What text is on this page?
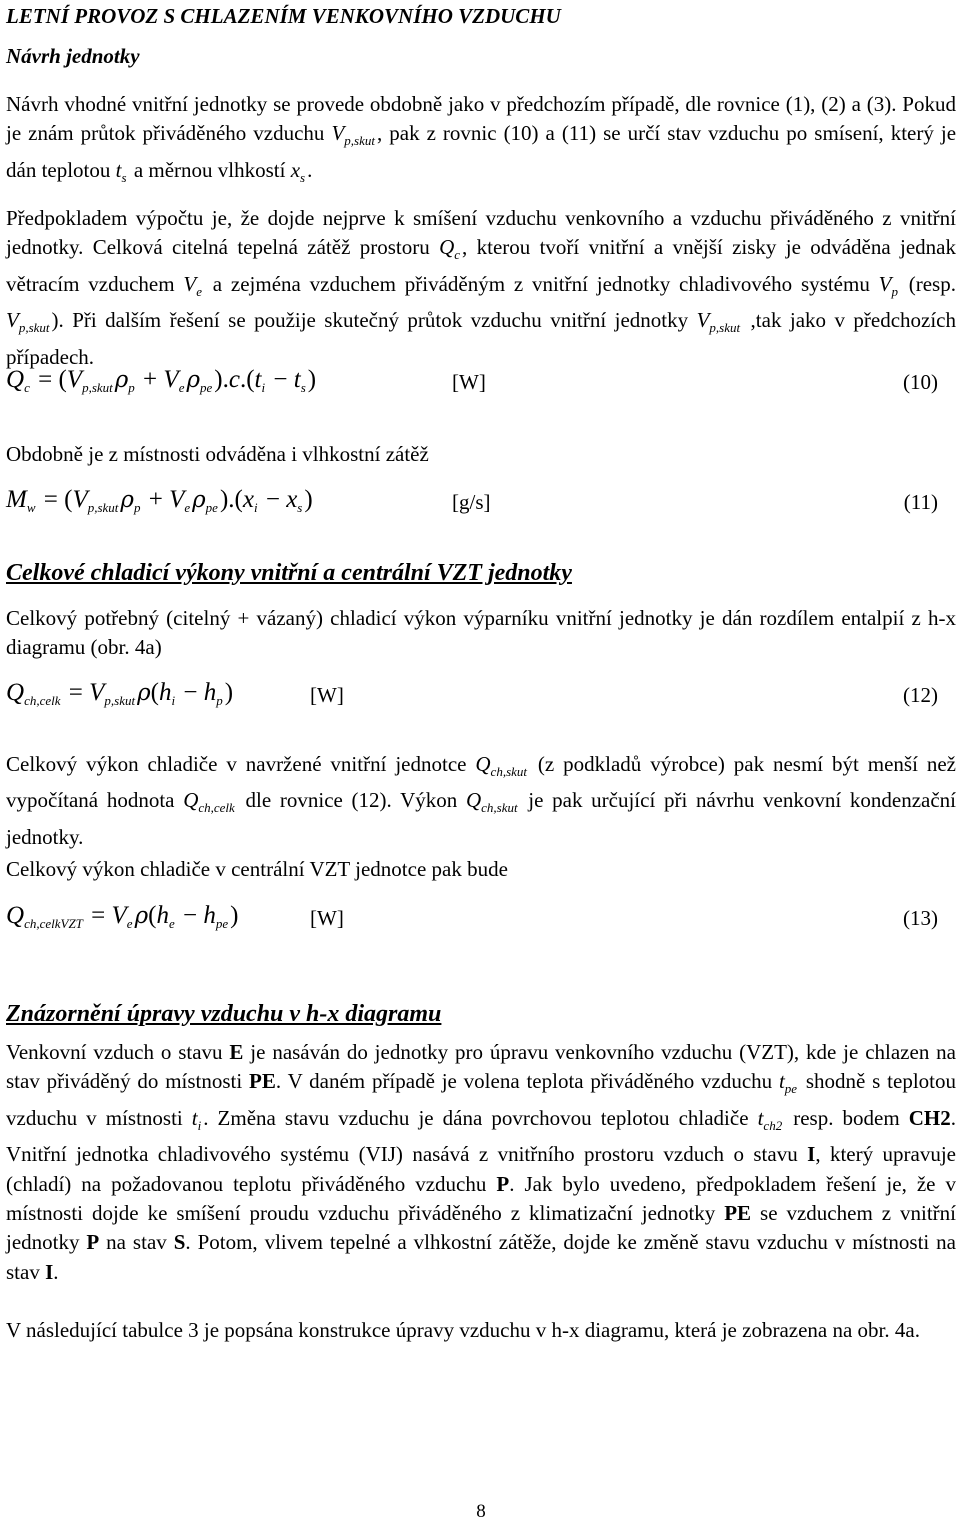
LETNÍ PROVOZ S CHLAZENÍM VENKOVNÍHO VZDUCHU
Návrh jednotky
Návrh vhodné vnitřní jednotky se provede obdobně jako v předchozím případě, dle rovnice (1), (2) a (3). Pokud je znám průtok přiváděného vzduchu $V_{p,skut}$, pak z rovnic (10) a (11) se určí stav vzduchu po smísení, který je dán teplotou $t_s$ a měrnou vlhkostí $x_s$.
Předpokladem výpočtu je, že dojde nejprve k smíšení vzduchu venkovního a vzduchu přiváděného z vnitřní jednotky. Celková citelná tepelná zátěž prostoru $Q_c$, kterou tvoří vnitřní a vnější zisky je odváděna jednak větracím vzduchem $V_e$ a zejména vzduchem přiváděným z vnitřní jednotky chladivového systému $V_p$ (resp. $V_{p,skut}$). Při dalším řešení se použije skutečný průtok vzduchu vnitřní jednotky $V_{p,skut}$ ,tak jako v předchozích případech.
$Q_c = (V_{p,skut}\rho_p + V_e\rho_{pe}).c.(t_i - t_s)$	[W]	(10)
Obdobně je z místnosti odváděna i vlhkostní zátěž
$M_w = (V_{p,skut}\rho_p + V_e\rho_{pe}).(x_i - x_s)$	[g/s]	(11)
Celkové chladicí výkony vnitřní a centrální VZT jednotky
Celkový potřebný (citelný + vázaný) chladicí výkon výparníku vnitřní jednotky je dán rozdílem entalpií z h-x diagramu (obr. 4a)
$Q_{ch,celk} = V_{p,skut}\rho(h_i - h_p)$	[W]	(12)
Celkový výkon chladiče v navržené vnitřní jednotce $Q_{ch,skut}$ (z podkladů výrobce) pak nesmí být menší než vypočítaná hodnota $Q_{ch,celk}$ dle rovnice (12). Výkon $Q_{ch,skut}$ je pak určující při návrhu venkovní kondenzační jednotky.
Celkový výkon chladiče v centrální VZT jednotce pak bude
$Q_{ch,celkVZT} = V_e\rho(h_e - h_{pe})$	[W]	(13)
Znázornění úpravy vzduchu v h-x diagramu
Venkovní vzduch o stavu E je nasáván do jednotky pro úpravu venkovního vzduchu (VZT), kde je chlazen na stav přiváděný do místnosti PE. V daném případě je volena teplota přiváděného vzduchu $t_{pe}$ shodně s teplotou vzduchu v místnosti $t_i$. Změna stavu vzduchu je dána povrchovou teplotou chladiče $t_{ch2}$ resp. bodem CH2. Vnitřní jednotka chladivového systému (VIJ) nasává z vnitřního prostoru vzduch o stavu I, který upravuje (chladí) na požadovanou teplotu přiváděného vzduchu P. Jak bylo uvedeno, předpokladem řešení je, že v místnosti dojde ke smíšení proudu vzduchu přiváděného z klimatizační jednotky PE se vzduchem z vnitřní jednotky P na stav S. Potom, vlivem tepelné a vlhkostní zátěže, dojde ke změně stavu vzduchu v místnosti na stav I.
V následující tabulce 3 je popsána konstrukce úpravy vzduchu v h-x diagramu, která je zobrazena na obr. 4a.
8
